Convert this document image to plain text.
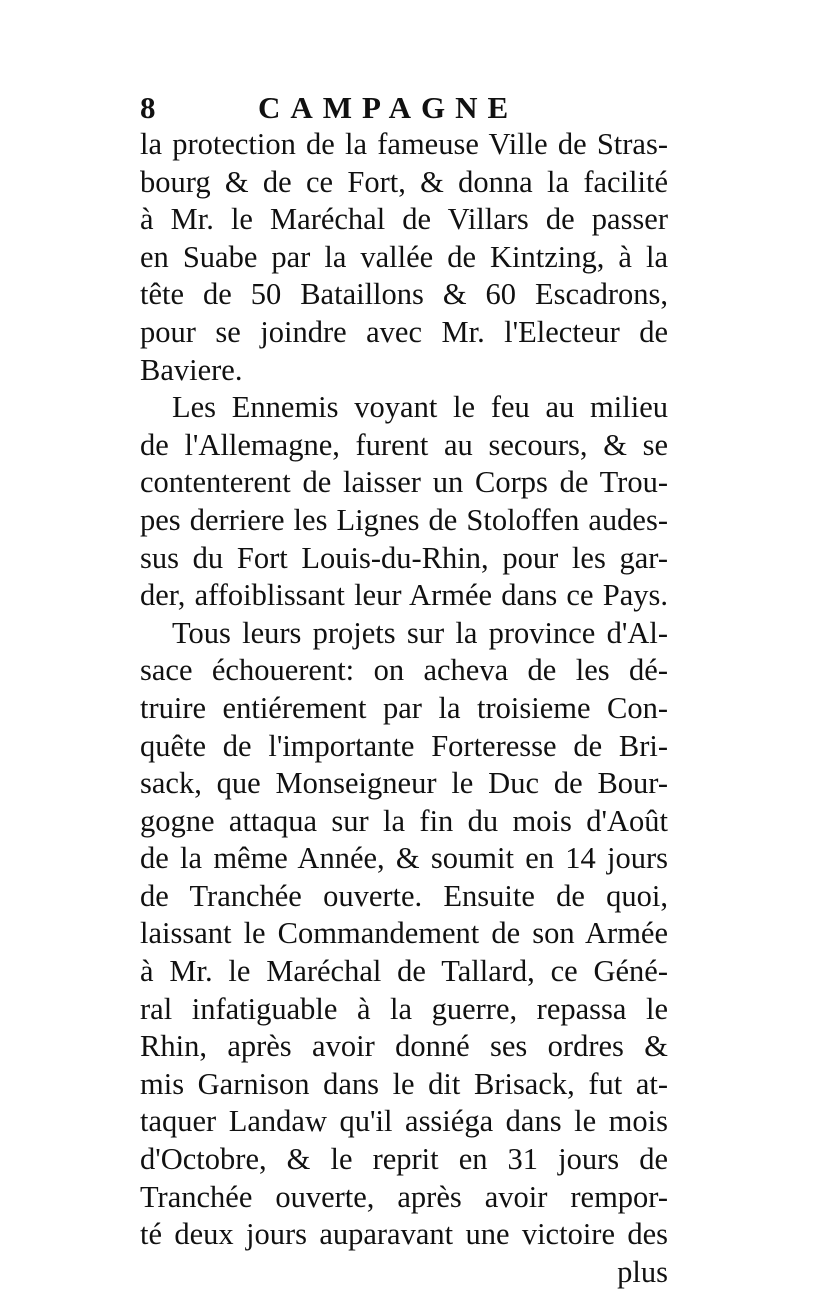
8	CAMPAGNE
la protection de la fameuse Ville de Stras-
bourg & de ce Fort, & donna la facilité
à Mr. le Maréchal de Villars de passer
en Suabe par la vallée de Kintzing, à la
tête de 50 Bataillons & 60 Escadrons,
pour se joindre avec Mr. l'Electeur de
Baviere.
Les Ennemis voyant le feu au milieu
de l'Allemagne, furent au secours, & se
contenterent de laisser un Corps de Trou-
pes derriere les Lignes de Stoloffen audes-
sus du Fort Louis-du-Rhin, pour les gar-
der, affoiblissant leur Armée dans ce Pays.
Tous leurs projets sur la province d'Al-
sace échouerent: on acheva de les dé-
truire entiérement par la troisieme Con-
quête de l'importante Forteresse de Bri-
sack, que Monseigneur le Duc de Bour-
gogne attaqua sur la fin du mois d'Août
de la même Année, & soumit en 14 jours
de Tranchée ouverte. Ensuite de quoi,
laissant le Commandement de son Armée
à Mr. le Maréchal de Tallard, ce Géné-
ral infatiguable à la guerre, repassa le
Rhin, après avoir donné ses ordres &
mis Garnison dans le dit Brisack, fut at-
taquer Landaw qu'il assiéga dans le mois
d'Octobre, & le reprit en 31 jours de
Tranchée ouverte, après avoir rempor-
té deux jours auparavant une victoire des
plus
